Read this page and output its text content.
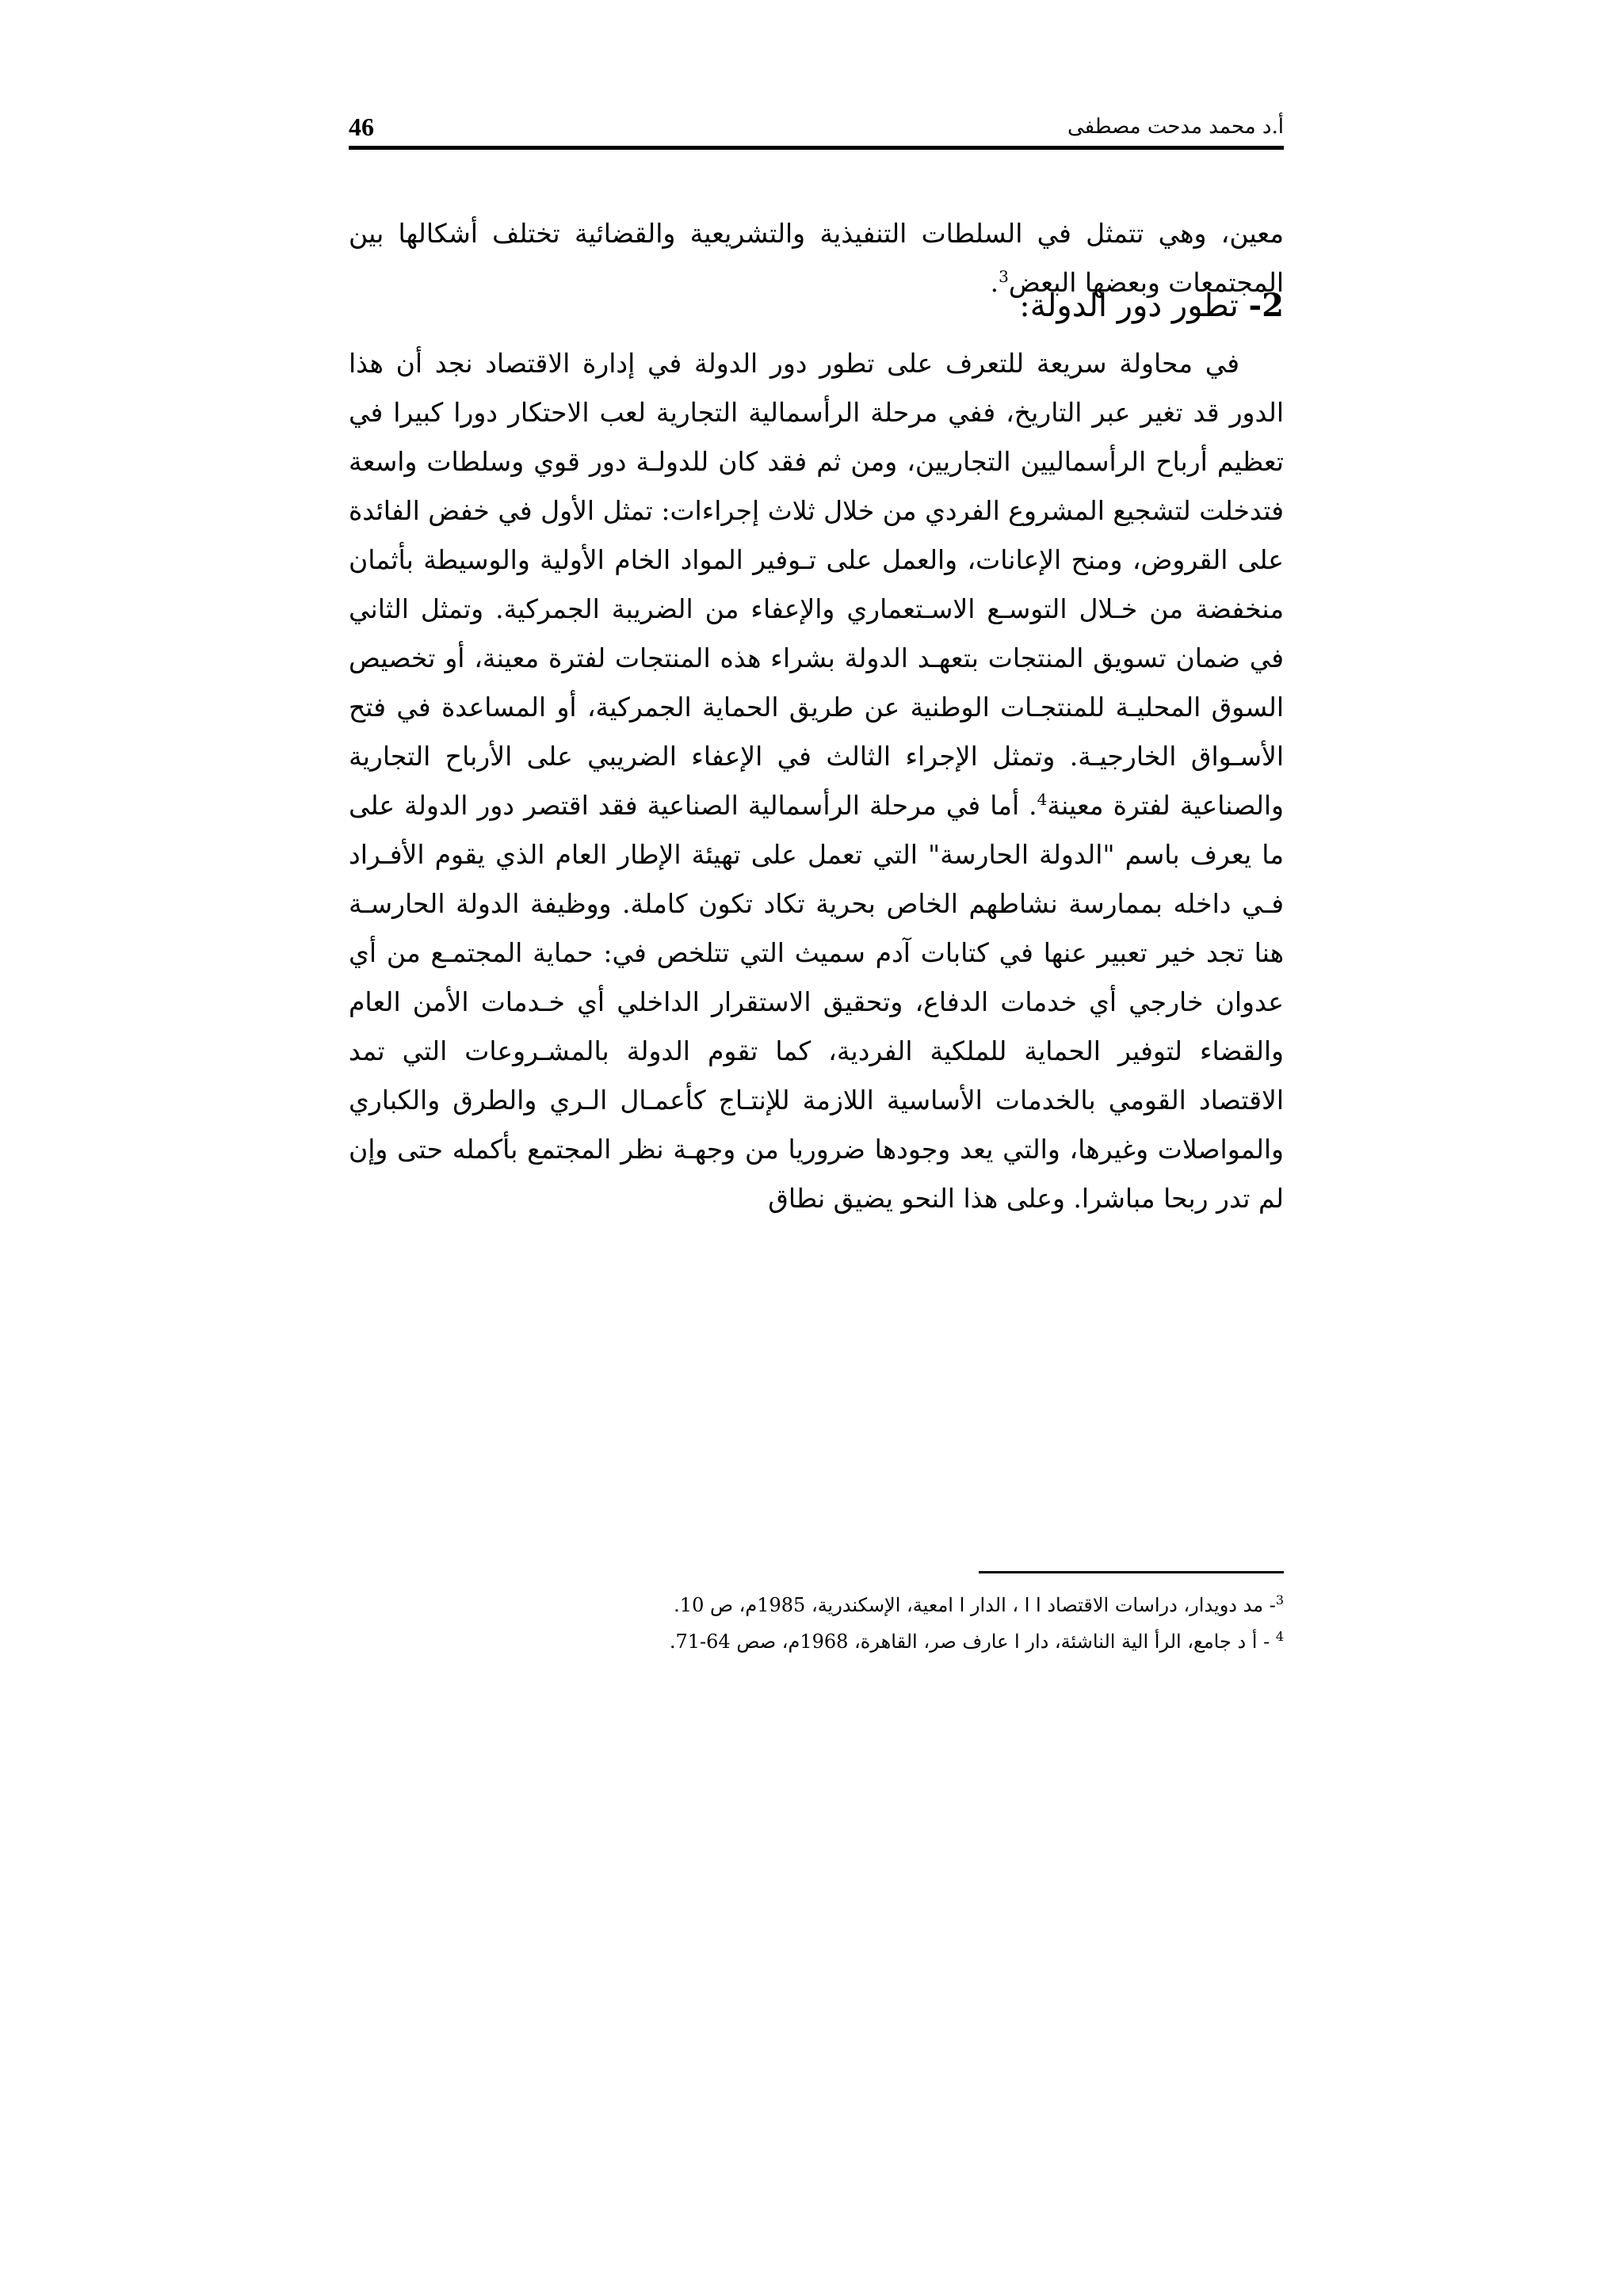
46	أ.د محمد مدحت مصطفى

معين، وهي تتمثل في السلطات التنفيذية والتشريعية والقضائية تختلف أشكالها بين المجتمعات وبعضها البعض$^3$.

2- تطور دور الدولة:

في محاولة سريعة للتعرف على تطور دور الدولة في إدارة الاقتصاد نجد أن هذا الدور قد تغير عبر التاريخ، ففي مرحلة الرأسمالية التجارية لعب الاحتكار دورا كبيرا في تعظيم أرباح الرأسماليين التجاريين، ومن ثم فقد كان للدولـة دور قوي وسلطات واسعة فتدخلت لتشجيع المشروع الفردي من خلال ثلاث إجراءات: تمثل الأول في خفض الفائدة على القروض، ومنح الإعانات، والعمل على تـوفير المواد الخام الأولية والوسيطة بأثمان منخفضة من خـلال التوسـع الاسـتعماري والإعفاء من الضريبة الجمركية. وتمثل الثاني في ضمان تسويق المنتجات بتعهـد الدولة بشراء هذه المنتجات لفترة معينة، أو تخصيص السوق المحليـة للمنتجـات الوطنية عن طريق الحماية الجمركية، أو المساعدة في فتح الأسـواق الخارجيـة. وتمثل الإجراء الثالث في الإعفاء الضريبي على الأرباح التجارية والصناعية لفترة معينة$^4$. أما في مرحلة الرأسمالية الصناعية فقد اقتصر دور الدولة على ما يعرف باسم "الدولة الحارسة" التي تعمل على تهيئة الإطار العام الذي يقوم الأفـراد فـي داخله بممارسة نشاطهم الخاص بحرية تكاد تكون كاملة. ووظيفة الدولة الحارسـة هنا تجد خير تعبير عنها في كتابات آدم سميث التي تتلخص في: حماية المجتمـع من أي عدوان خارجي أي خدمات الدفاع، وتحقيق الاستقرار الداخلي أي خـدمات الأمن العام والقضاء لتوفير الحماية للملكية الفردية، كما تقوم الدولة بالمشـروعات التي تمد الاقتصاد القومي بالخدمات الأساسية اللازمة للإنتـاج كأعمـال الـري والطرق والكباري والمواصلات وغيرها، والتي يعد وجودها ضروريا من وجهـة نظر المجتمع بأكمله حتى وإن لم تدر ربحا مباشرا. وعلى هذا النحو يضيق نطاق

$^3$- مد دويدار، دراسات الاقتصاد ا ا ، الدار ا امعية، الإسكندرية، 1985م، ص 10.
$^4$ - أ د جامع، الرأ الية الناشئة، دار ا عارف صر، القاهرة، 1968م، صص 64-71.
